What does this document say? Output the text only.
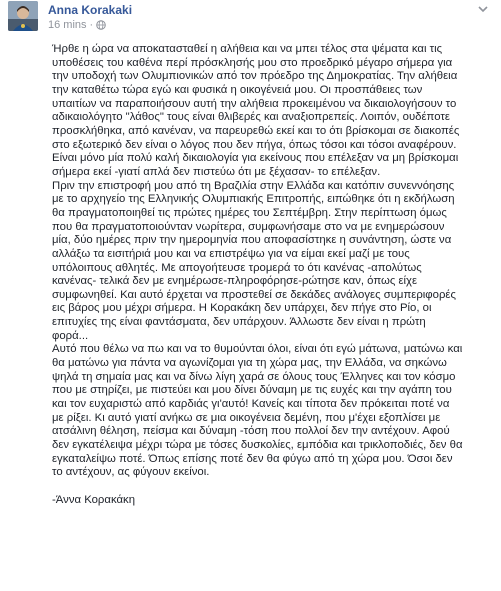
Anna Korakaki
16 mins ·
Ήρθε η ώρα να αποκατασταθεί η αλήθεια και να μπει τέλος στα ψέματα και τις
υποθέσεις του καθένα περί πρόσκλησής μου στο προεδρικό μέγαρο σήμερα για
την υποδοχή των Ολυμπιονικών από τον πρόεδρο της Δημοκρατίας. Την αλήθεια
την καταθέτω τώρα εγώ και φυσικά η οικογένειά μου. Οι προσπάθειες των
υπαιτίων να παραποιήσουν αυτή την αλήθεια προκειμένου να δικαιολογήσουν το
αδικαιολόγητο "λάθος" τους είναι θλιβερές και αναξιοπρεπείς. Λοιπόν, ουδέποτε
προσκλήθηκα, από κανέναν, να παρευρεθώ εκεί και το ότι βρίσκομαι σε διακοπές
στο εξωτερικό δεν είναι ο λόγος που δεν πήγα, όπως τόσοι και τόσοι αναφέρουν.
Είναι μόνο μία πολύ καλή δικαιολογία για εκείνους που επέλεξαν να μη βρίσκομαι
σήμερα εκεί -γιατί απλά δεν πιστεύω ότι με ξέχασαν- το επέλεξαν.
Πριν την επιστροφή μου από τη Βραζιλία στην Ελλάδα και κατόπιν συνεννόησης
με το αρχηγείο της Ελληνικής Ολυμπιακής Επιτροπής, ειπώθηκε ότι η εκδήλωση
θα πραγματοποιηθεί τις πρώτες ημέρες του Σεπτέμβρη. Στην περίπτωση όμως
που θα πραγματοποιούνταν νωρίτερα, συμφωνήσαμε στο να με ενημερώσουν
μία, δύο ημέρες πριν την ημερομηνία που αποφασίστηκε η συνάντηση, ώστε να
αλλάξω τα εισιτήριά μου και να επιστρέψω για να είμαι εκεί μαζί με τους
υπόλοιπους αθλητές. Με απογοήτευσε τρομερά το ότι κανένας -απολύτως
κανένας- τελικά δεν με ενημέρωσε-πληροφόρησε-ρώτησε καν, όπως είχε
συμφωνηθεί. Και αυτό έρχεται να προστεθεί σε δεκάδες ανάλογες συμπεριφορές
εις βάρος μου μέχρι σήμερα. Η Κορακάκη δεν υπάρχει, δεν πήγε στο Ρίο, οι
επιτυχίες της είναι φαντάσματα, δεν υπάρχουν. Άλλωστε δεν είναι η πρώτη
φορά...
Αυτό που θέλω να πω και να το θυμούνται όλοι, είναι ότι εγώ μάτωνα, ματώνω και
θα ματώνω για πάντα να αγωνίζομαι για τη χώρα μας, την Ελλάδα, να σηκώνω
ψηλά τη σημαία μας και να δίνω λίγη χαρά σε όλους τους Έλληνες και τον κόσμο
που με στηρίζει, με πιστεύει και μου δίνει δύναμη με τις ευχές και την αγάπη του
και τον ευχαριστώ από καρδιάς γι'αυτό! Κανείς και τίποτα δεν πρόκειται ποτέ να
με ρίξει. Κι αυτό γιατί ανήκω σε μια οικογένεια δεμένη, που μ'έχει εξοπλίσει με
ατσάλινη θέληση, πείσμα και δύναμη -τόση που πολλοί δεν την αντέχουν. Αφού
δεν εγκατέλειψα μέχρι τώρα με τόσες δυσκολίες, εμπόδια και τρικλοποδιές, δεν θα
εγκαταλείψω ποτέ. Όπως επίσης ποτέ δεν θα φύγω από τη χώρα μου. Όσοι δεν
το αντέχουν, ας φύγουν εκείνοι.
-Άννα Κορακάκη
